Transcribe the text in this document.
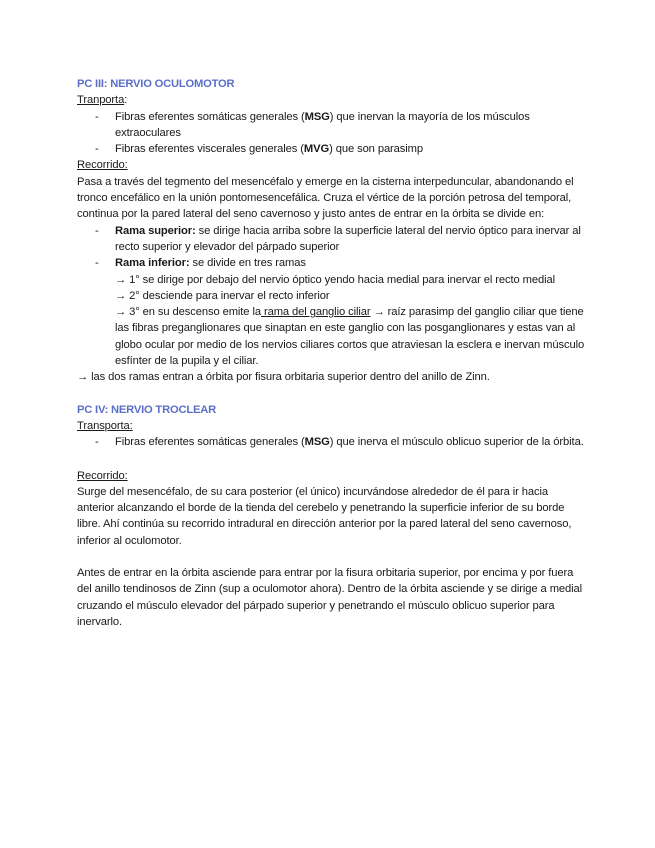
PC III: NERVIO OCULOMOTOR
Tranporta:
- Fibras eferentes somáticas generales (MSG) que inervan la mayoría de los músculos extraoculares
- Fibras eferentes viscerales generales (MVG) que son parasimp
Recorrido:

Pasa a través del tegmento del mesencéfalo y emerge en la cisterna interpeduncular, abandonando el tronco encefálico en la unión pontomesencefálica. Cruza el vértice de la porción petrosa del temporal, continua por la pared lateral del seno cavernoso y justo antes de entrar en la órbita se divide en:

- Rama superior: se dirige hacia arriba sobre la superficie lateral del nervio óptico para inervar al recto superior y elevador del párpado superior
- Rama inferior: se divide en tres ramas
→ 1° se dirige por debajo del nervio óptico yendo hacia medial para inervar el recto medial
→ 2° desciende para inervar el recto inferior
→ 3° en su descenso emite la rama del ganglio ciliar → raíz parasimp del ganglio ciliar que tiene las fibras preganglionares que sinaptan en este ganglio con las posganglionares y estas van al globo ocular por medio de los nervios ciliares cortos que atraviesan la esclera e inervan músculo esfínter de la pupila y el ciliar.
→ las dos ramas entran a órbita por fisura orbitaria superior dentro del anillo de Zinn.
PC IV: NERVIO TROCLEAR
Transporta:
- Fibras eferentes somáticas generales (MSG) que inerva el músculo oblicuo superior de la órbita.
Recorrido:

Surge del mesencéfalo, de su cara posterior (el único) incurvándose alrededor de él para ir hacia anterior alcanzando el borde de la tienda del cerebelo y penetrando la superficie inferior de su borde libre. Ahí continúa su recorrido intradural en dirección anterior por la pared lateral del seno cavernoso, inferior al oculomotor.

Antes de entrar en la órbita asciende para entrar por la fisura orbitaria superior, por encima y por fuera del anillo tendinosos de Zinn (sup a oculomotor ahora). Dentro de la órbita asciende y se dirige a medial cruzando el músculo elevador del párpado superior y penetrando el músculo oblicuo superior para inervarlo.
